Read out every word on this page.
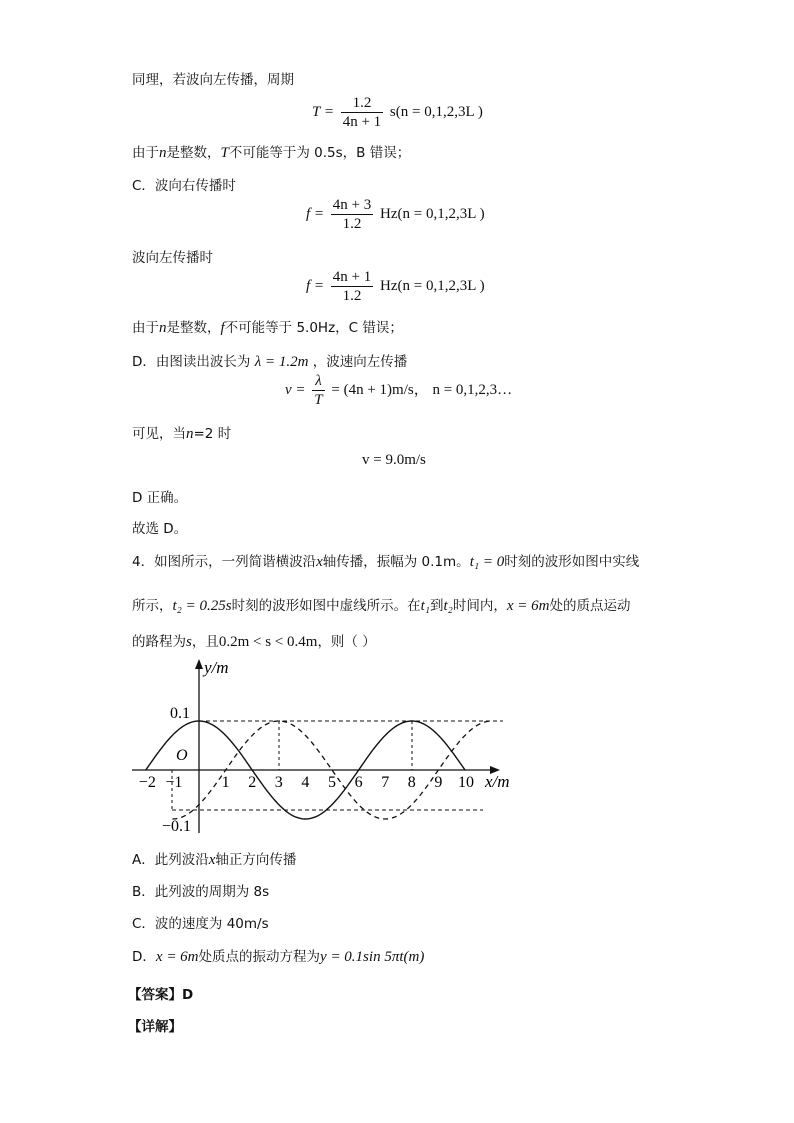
同理，若波向左传播，周期
$T = \frac{1.2}{4n + 1} s(n = 0,1,2,3L$ )
由于n是整数，T不可能等于为 0.5s，B 错误；
C．波向右传播时
$f = \frac{4n + 3}{1.2} Hz(n = 0,1,2,3L$ )
波向左传播时
$f = \frac{4n + 1}{1.2} Hz(n = 0,1,2,3L$ )
由于n是整数，f不可能等于 5.0Hz，C 错误；
D．由图读出波长为 λ = 1.2m ，波速向左传播
$v = \frac{\lambda}{T} = (4n + 1)m/s$， n = 0,1,2,3…
可见，当n=2 时
v = 9.0m/s
D 正确。
故选 D。
4．如图所示，一列简谐横波沿x轴传播，振幅为 0.1m。t₁ = 0时刻的波形如图中实线
所示，t₂ = 0.25s时刻的波形如图中虚线所示。在t₁到t₂时间内，x = 6m处的质点运动
的路程为s，且0.2m < s < 0.4m，则（ ）
y/m
x/m
O
0.1
−0.1
−2 −1 1 2 3 4 5 6 7 8 9 10
A．此列波沿x轴正方向传播
B．此列波的周期为 8s
C．波的速度为 40m/s
D．x = 6m处质点的振动方程为y = 0.1sin 5πt(m)
【答案】D
【详解】
